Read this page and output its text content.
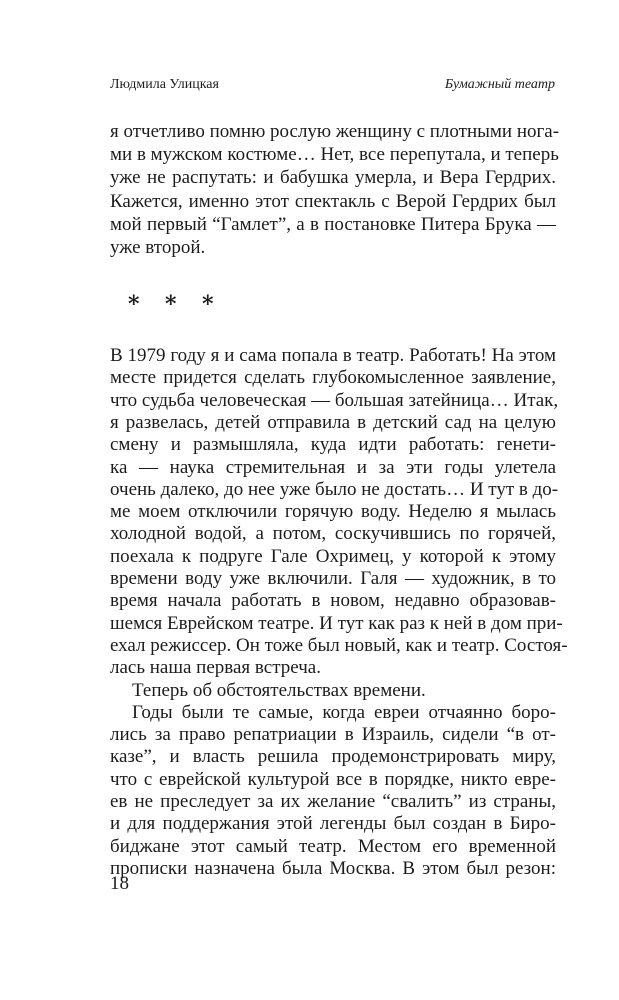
Людмила Улицкая	Бумажный театр
я отчетливо помню рослую женщину с плотными нога-
ми в мужском костюме… Нет, все перепутала, и теперь
уже не распутать: и бабушка умерла, и Вера Гердрих.
Кажется, именно этот спектакль с Верой Гердрих был
мой первый “Гамлет”, а в постановке Питера Брука —
уже второй.
⁎ ⁎ ⁎
В 1979 году я и сама попала в театр. Работать! На этом
месте придется сделать глубокомысленное заявление,
что судьба человеческая — большая затейница… Итак,
я развелась, детей отправила в детский сад на целую
смену и размышляла, куда идти работать: генети-
ка — наука стремительная и за эти годы улетела
очень далеко, до нее уже было не достать… И тут в до-
ме моем отключили горячую воду. Неделю я мылась
холодной водой, а потом, соскучившись по горячей,
поехала к подруге Гале Охримец, у которой к этому
времени воду уже включили. Галя — художник, в то
время начала работать в новом, недавно образовав-
шемся Еврейском театре. И тут как раз к ней в дом при-
ехал режиссер. Он тоже был новый, как и театр. Состоя-
лась наша первая встреча.
Теперь об обстоятельствах времени.
Годы были те самые, когда евреи отчаянно боро-
лись за право репатриации в Израиль, сидели “в от-
казе”, и власть решила продемонстрировать миру,
что с еврейской культурой все в порядке, никто евре-
ев не преследует за их желание “свалить” из страны,
18
и для поддержания этой легенды был создан в Биро-
биджане этот самый театр. Местом его временной
прописки назначена была Москва. В этом был резон:
